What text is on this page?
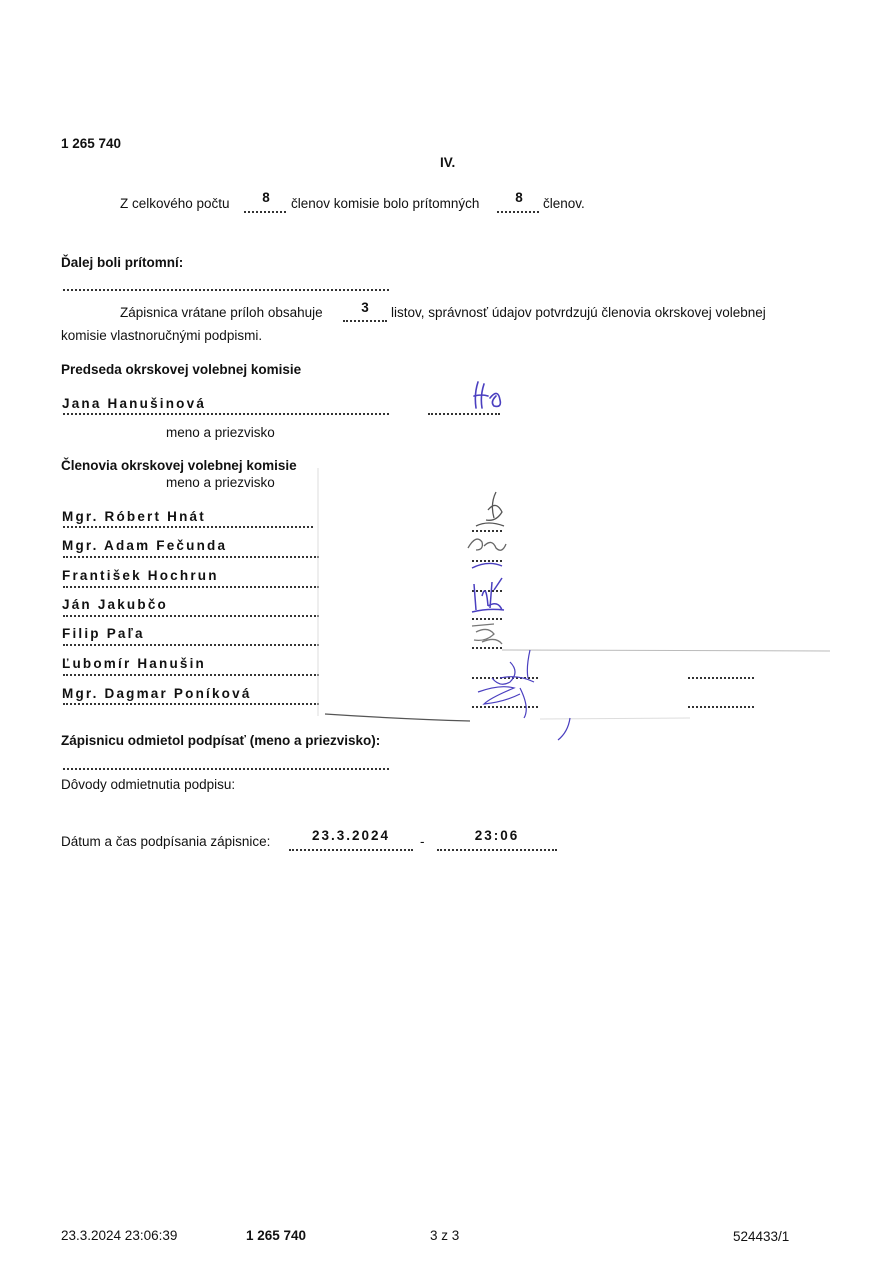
1 265 740
IV.
Z celkového počtu	8	členov komisie bolo prítomných	8	členov.
Ďalej boli prítomní:
Zápisnica vrátane príloh obsahuje	3	listov, správnosť údajov potvrdzujú členovia okrskovej volebnej
komisie vlastnoručnými podpismi.
Predseda okrskovej volebnej komisie
Jana Hanušinová
meno a priezvisko
Členovia okrskovej volebnej komisie
meno a priezvisko
Mgr. Róbert Hnát
Mgr. Adam Fečunda
František Hochrun
Ján Jakubčo
Filip Paľa
Ľubomír Hanušin
Mgr. Dagmar Poníková
Zápisnicu odmietol podpísať (meno a priezvisko):
Dôvody odmietnutia podpisu:
Dátum a čas podpísania zápisnice:	23.3.2024	-	23:06
23.3.2024 23:06:39	1 265 740	3 z 3	524433/1
